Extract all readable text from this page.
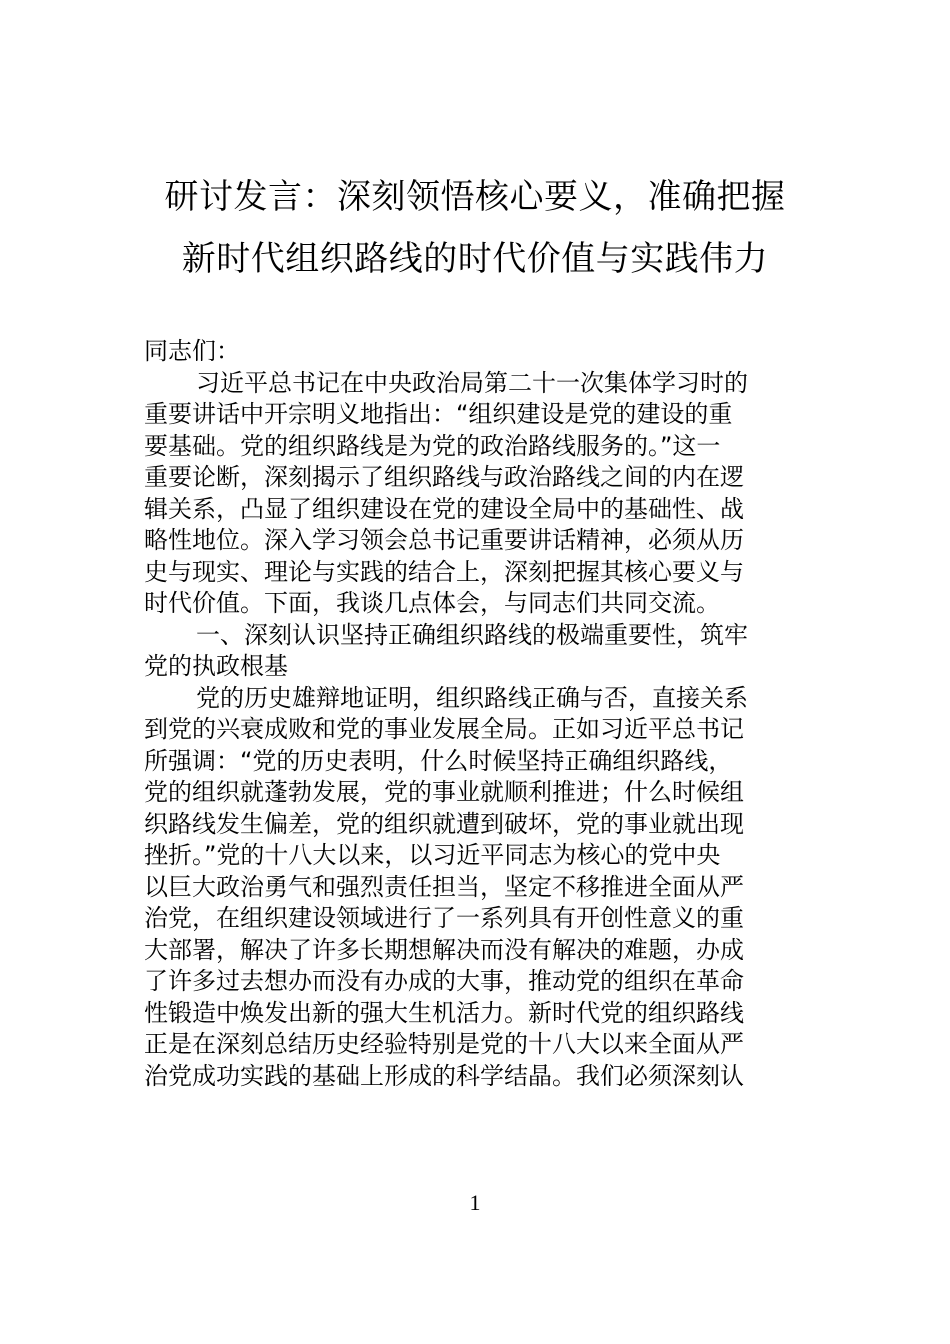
研讨发言：深刻领悟核心要义，准确把握
新时代组织路线的时代价值与实践伟力
同志们：
习近平总书记在中央政治局第二十一次集体学习时的
重要讲话中开宗明义地指出：“组织建设是党的建设的重
要基础。党的组织路线是为党的政治路线服务的。”这一
重要论断，深刻揭示了组织路线与政治路线之间的内在逻
辑关系，凸显了组织建设在党的建设全局中的基础性、战
略性地位。深入学习领会总书记重要讲话精神，必须从历
史与现实、理论与实践的结合上，深刻把握其核心要义与
时代价值。下面，我谈几点体会，与同志们共同交流。
一、深刻认识坚持正确组织路线的极端重要性，筑牢
党的执政根基
党的历史雄辩地证明，组织路线正确与否，直接关系
到党的兴衰成败和党的事业发展全局。正如习近平总书记
所强调：“党的历史表明，什么时候坚持正确组织路线，
党的组织就蓬勃发展，党的事业就顺利推进；什么时候组
织路线发生偏差，党的组织就遭到破坏，党的事业就出现
挫折。”党的十八大以来，以习近平同志为核心的党中央
以巨大政治勇气和强烈责任担当，坚定不移推进全面从严
治党，在组织建设领域进行了一系列具有开创性意义的重
大部署，解决了许多长期想解决而没有解决的难题，办成
了许多过去想办而没有办成的大事，推动党的组织在革命
性锻造中焕发出新的强大生机活力。新时代党的组织路线
正是在深刻总结历史经验特别是党的十八大以来全面从严
治党成功实践的基础上形成的科学结晶。我们必须深刻认
1
